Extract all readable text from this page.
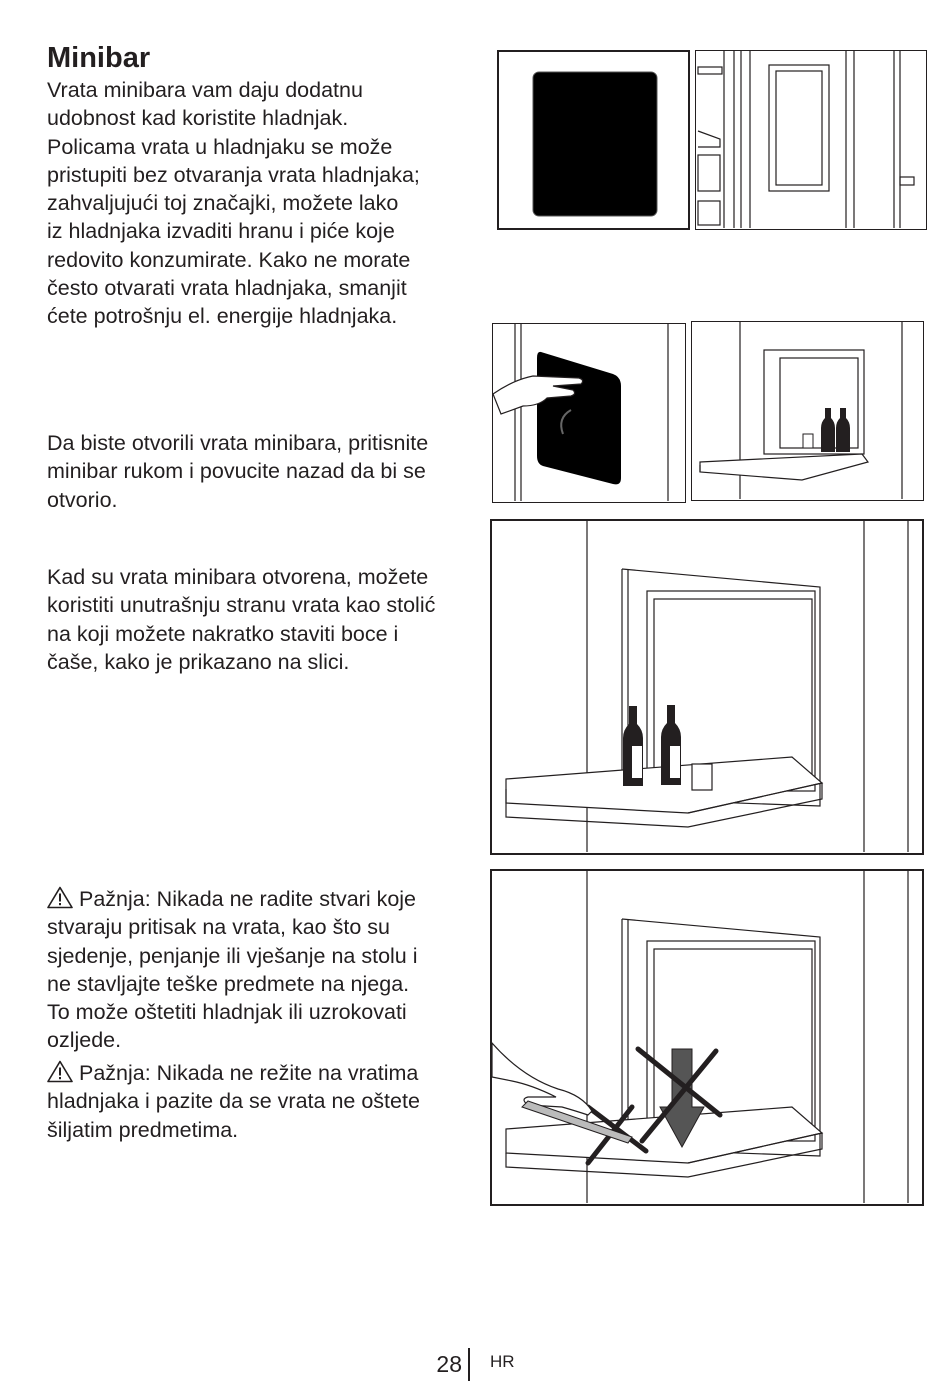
Minibar
Vrata minibara vam daju dodatnu
udobnost kad koristite hladnjak.
Policama vrata u hladnjaku se može
pristupiti bez otvaranja vrata hladnjaka;
zahvaljujući toj značajki, možete lako
iz hladnjaka izvaditi hranu i piće koje
redovito konzumirate. Kako ne morate
često otvarati vrata hladnjaka, smanjit
ćete potrošnju el. energije hladnjaka.
Da biste otvorili vrata minibara, pritisnite
minibar rukom i povucite nazad da bi se
otvorio.
Kad su vrata minibara otvorena, možete
koristiti unutrašnju stranu vrata kao stolić
na koji možete nakratko staviti boce i
čaše, kako je prikazano na slici.
Pažnja: Nikada ne radite stvari koje
stvaraju pritisak na vrata, kao što su
sjedenje, penjanje ili vješanje na stolu i
ne stavljajte teške predmete na njega.
To može oštetiti hladnjak ili uzrokovati
ozljede.
Pažnja: Nikada ne režite na vratima
hladnjaka i pazite da se vrata ne oštete
šiljatim predmetima.
28 HR
